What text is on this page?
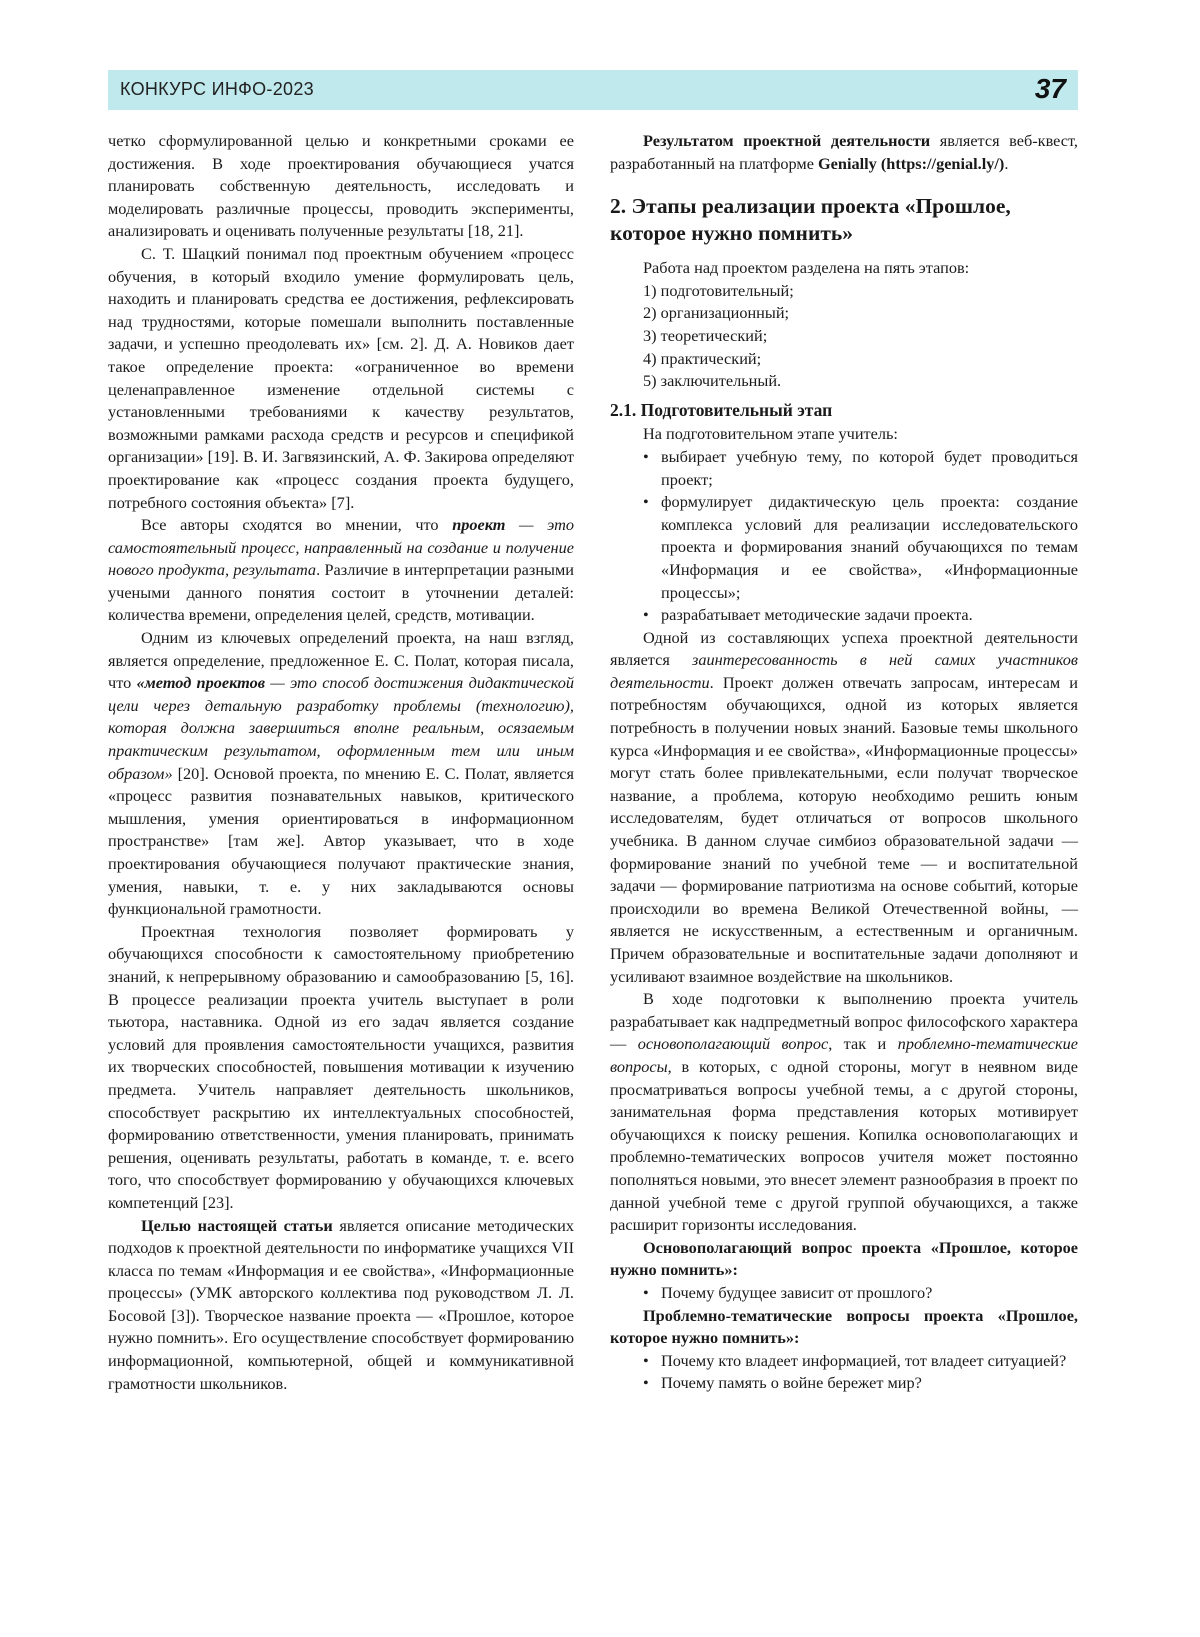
КОНКУРС ИНФО-2023	37

четко сформулированной целью и конкретными сроками ее достижения. В ходе проектирования обучающиеся учатся планировать собственную деятельность, исследовать и моделировать различные процессы, проводить эксперименты, анализировать и оценивать полученные результаты [18, 21].

С. Т. Шацкий понимал под проектным обучением «процесс обучения, в который входило умение формулировать цель, находить и планировать средства ее достижения, рефлексировать над трудностями, которые помешали выполнить поставленные задачи, и успешно преодолевать их» [см. 2]. Д. А. Новиков дает такое определение проекта: «ограниченное во времени целенаправленное изменение отдельной системы с установленными требованиями к качеству результатов, возможными рамками расхода средств и ресурсов и спецификой организации» [19]. В. И. Загвязинский, А. Ф. Закирова определяют проектирование как «процесс создания проекта будущего, потребного состояния объекта» [7].

Все авторы сходятся во мнении, что проект — это самостоятельный процесс, направленный на создание и получение нового продукта, результата. Различие в интерпретации разными учеными данного понятия состоит в уточнении деталей: количества времени, определения целей, средств, мотивации.

Одним из ключевых определений проекта, на наш взгляд, является определение, предложенное Е. С. Полат, которая писала, что «метод проектов — это способ достижения дидактической цели через детальную разработку проблемы (технологию), которая должна завершиться вполне реальным, осязаемым практическим результатом, оформленным тем или иным образом» [20]. Основой проекта, по мнению Е. С. Полат, является «процесс развития познавательных навыков, критического мышления, умения ориентироваться в информационном пространстве» [там же]. Автор указывает, что в ходе проектирования обучающиеся получают практические знания, умения, навыки, т. е. у них закладываются основы функциональной грамотности.

Проектная технология позволяет формировать у обучающихся способности к самостоятельному приобретению знаний, к непрерывному образованию и самообразованию [5, 16]. В процессе реализации проекта учитель выступает в роли тьютора, наставника. Одной из его задач является создание условий для проявления самостоятельности учащихся, развития их творческих способностей, повышения мотивации к изучению предмета. Учитель направляет деятельность школьников, способствует раскрытию их интеллектуальных способностей, формированию ответственности, умения планировать, принимать решения, оценивать результаты, работать в команде, т. е. всего того, что способствует формированию у обучающихся ключевых компетенций [23].

Целью настоящей статьи является описание методических подходов к проектной деятельности по информатике учащихся VII класса по темам «Информация и ее свойства», «Информационные процессы» (УМК авторского коллектива под руководством Л. Л. Босовой [3]). Творческое название проекта — «Прошлое, которое нужно помнить». Его осуществление способствует формированию информационной, компьютерной, общей и коммуникативной грамотности школьников.

Результатом проектной деятельности является веб-квест, разработанный на платформе Genially (https://genial.ly/).

2. Этапы реализации проекта «Прошлое, которое нужно помнить»

Работа над проектом разделена на пять этапов:

1) подготовительный;
2) организационный;
3) теоретический;
4) практический;
5) заключительный.
2.1. Подготовительный этап

На подготовительном этапе учитель:

• выбирает учебную тему, по которой будет проводиться проект;
• формулирует дидактическую цель проекта: создание комплекса условий для реализации исследовательского проекта и формирования знаний обучающихся по темам «Информация и ее свойства», «Информационные процессы»;
• разрабатывает методические задачи проекта.

Одной из составляющих успеха проектной деятельности является заинтересованность в ней самих участников деятельности. Проект должен отвечать запросам, интересам и потребностям обучающихся, одной из которых является потребность в получении новых знаний. Базовые темы школьного курса «Информация и ее свойства», «Информационные процессы» могут стать более привлекательными, если получат творческое название, а проблема, которую необходимо решить юным исследователям, будет отличаться от вопросов школьного учебника. В данном случае симбиоз образовательной задачи — формирование знаний по учебной теме — и воспитательной задачи — формирование патриотизма на основе событий, которые происходили во времена Великой Отечественной войны, — является не искусственным, а естественным и органичным. Причем образовательные и воспитательные задачи дополняют и усиливают взаимное воздействие на школьников.

В ходе подготовки к выполнению проекта учитель разрабатывает как надпредметный вопрос философского характера — основополагающий вопрос, так и проблемно-тематические вопросы, в которых, с одной стороны, могут в неявном виде просматриваться вопросы учебной темы, а с другой стороны, занимательная форма представления которых мотивирует обучающихся к поиску решения. Копилка основополагающих и проблемно-тематических вопросов учителя может постоянно пополняться новыми, это внесет элемент разнообразия в проект по данной учебной теме с другой группой обучающихся, а также расширит горизонты исследования.

Основополагающий вопрос проекта «Прошлое, которое нужно помнить»:

• Почему будущее зависит от прошлого?

Проблемно-тематические вопросы проекта «Прошлое, которое нужно помнить»:

• Почему кто владеет информацией, тот владеет ситуацией?
• Почему память о войне бережет мир?
